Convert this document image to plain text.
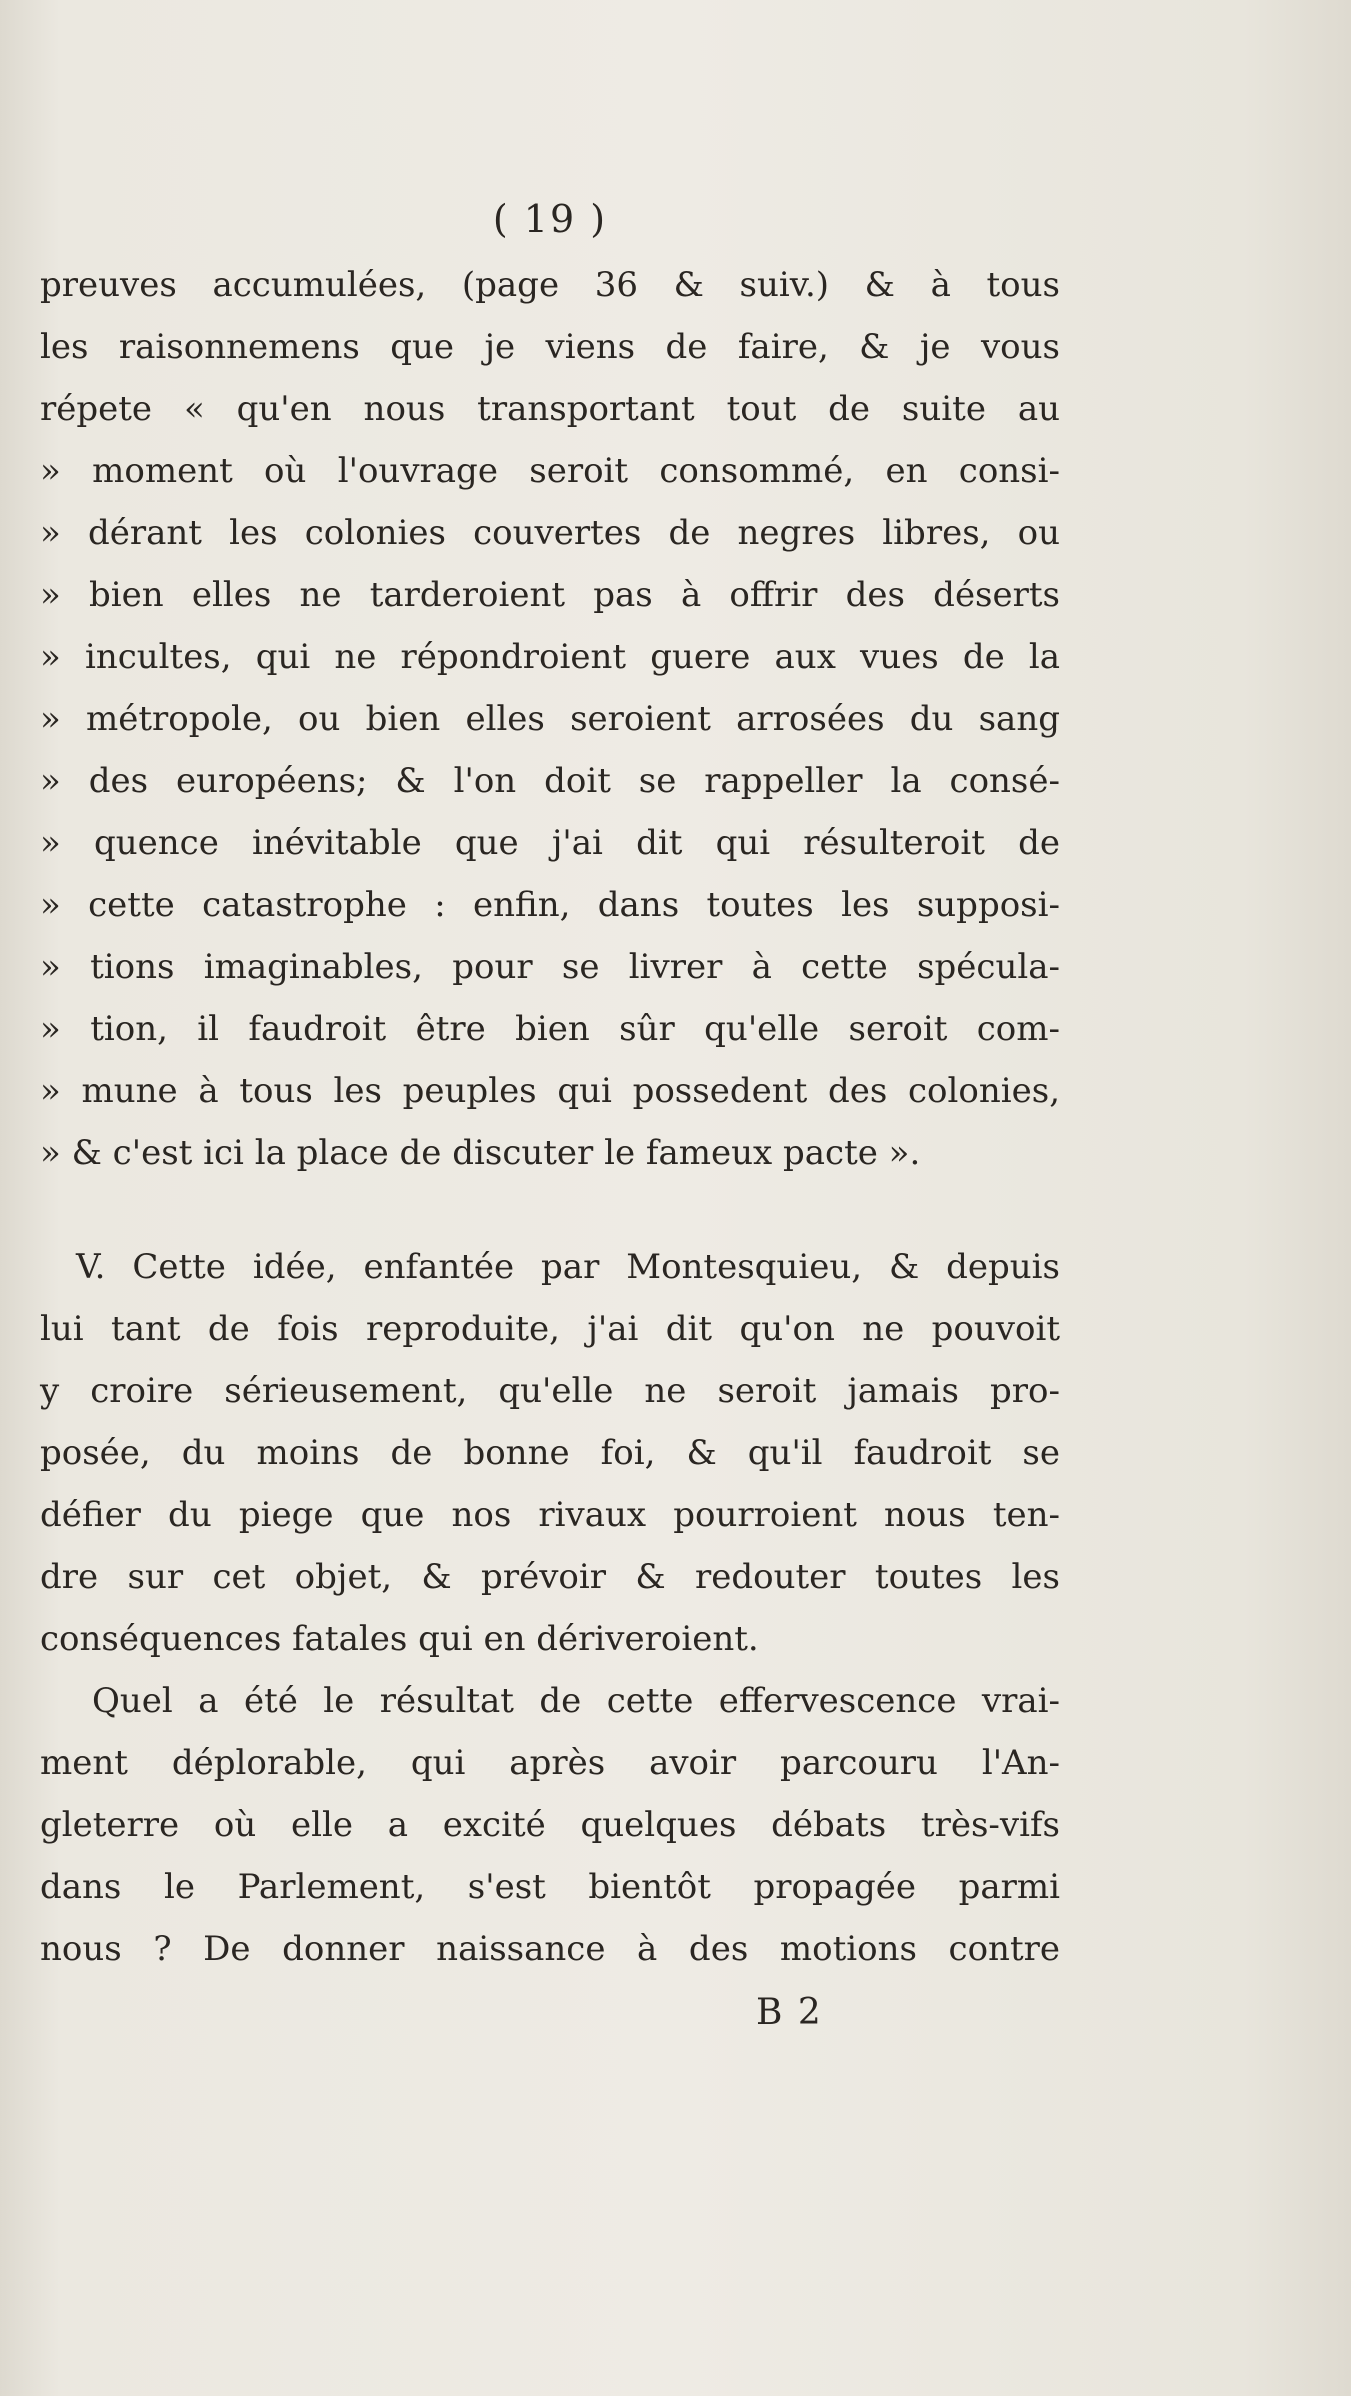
( 19 )

preuves accumulées, (page 36 & suiv.) & à tous
les raisonnemens que je viens de faire, & je vous
répete « qu'en nous transportant tout de suite au
» moment où l'ouvrage seroit consommé, en consi-
» dérant les colonies couvertes de negres libres, ou
» bien elles ne tarderoient pas à offrir des déserts
» incultes, qui ne répondroient guere aux vues de la
» métropole, ou bien elles seroient arrosées du sang
» des européens; & l'on doit se rappeller la consé-
» quence inévitable que j'ai dit qui résulteroit de
» cette catastrophe : enfin, dans toutes les supposi-
» tions imaginables, pour se livrer à cette spécula-
» tion, il faudroit être bien sûr qu'elle seroit com-
» mune à tous les peuples qui possedent des colonies,
» & c'est ici la place de discuter le fameux pacte ».

V. Cette idée, enfantée par Montesquieu, & depuis
lui tant de fois reproduite, j'ai dit qu'on ne pouvoit
y croire sérieusement, qu'elle ne seroit jamais pro-
posée, du moins de bonne foi, & qu'il faudroit se
défier du piege que nos rivaux pourroient nous ten-
dre sur cet objet, & prévoir & redouter toutes les
conséquences fatales qui en dériveroient.

Quel a été le résultat de cette effervescence vrai-
ment déplorable, qui après avoir parcouru l'An-
gleterre où elle a excité quelques débats très-vifs
dans le Parlement, s'est bientôt propagée parmi
nous ? De donner naissance à des motions contre

B 2
